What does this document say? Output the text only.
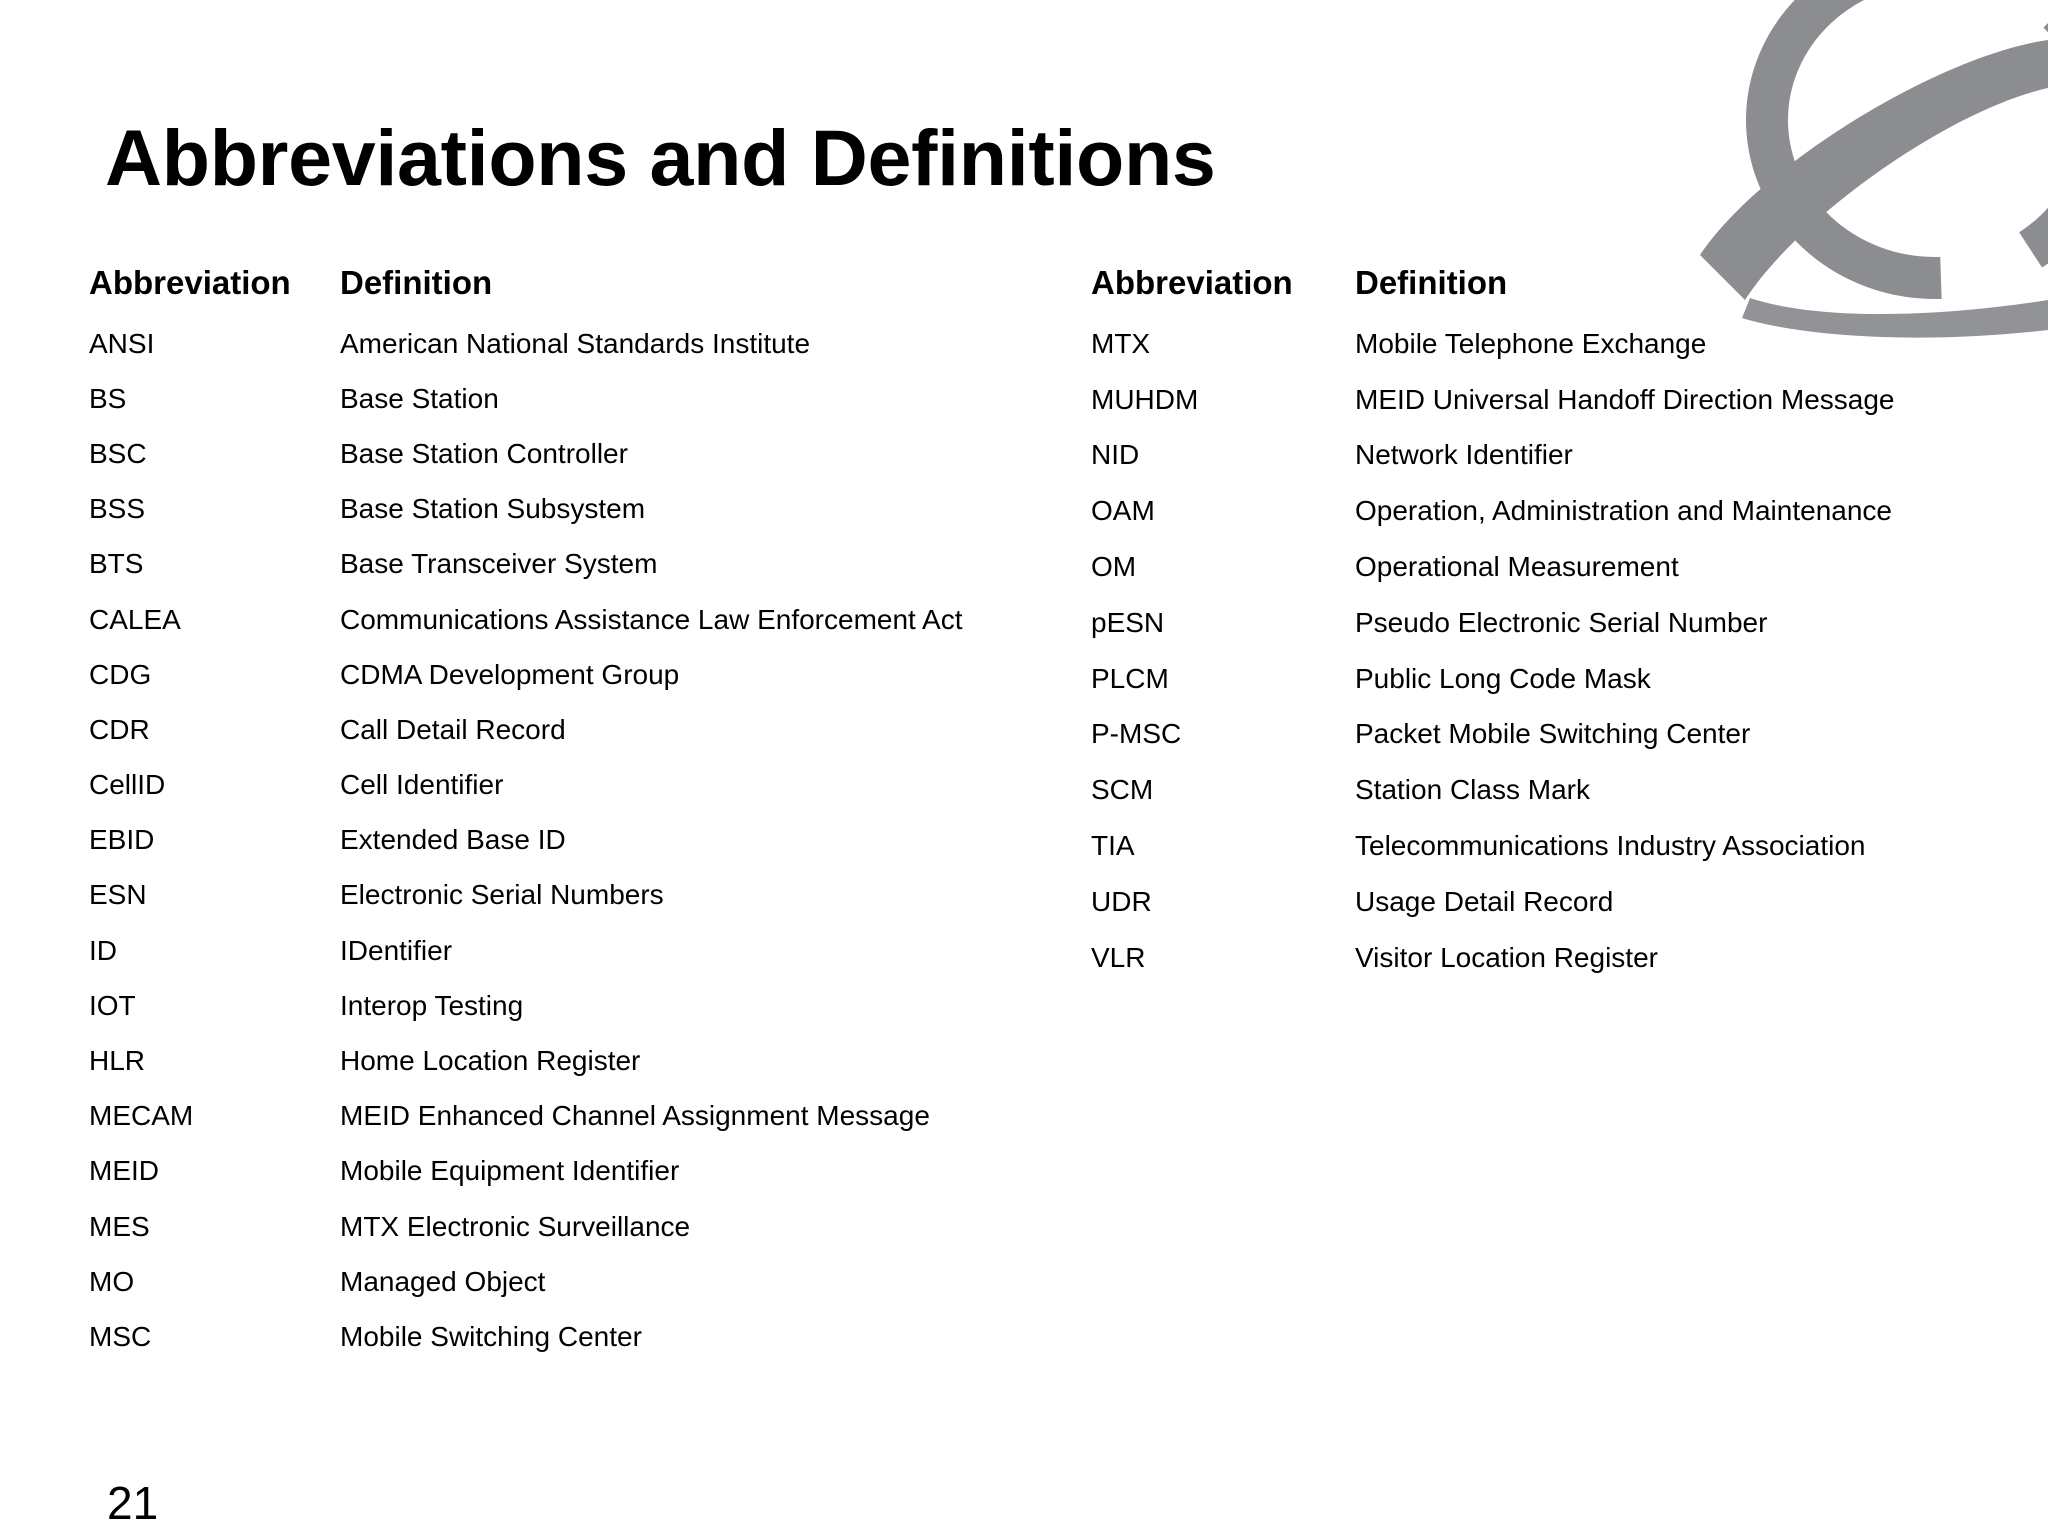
Abbreviations and Definitions
Abbreviation	Definition
ANSI	American National Standards Institute
BS	Base Station
BSC	Base Station Controller
BSS	Base Station Subsystem
BTS	Base Transceiver System
CALEA	Communications Assistance Law Enforcement Act
CDG	CDMA Development Group
CDR	Call Detail Record
CellID	Cell Identifier
EBID	Extended Base ID
ESN	Electronic Serial Numbers
ID	IDentifier
IOT	Interop Testing
HLR	Home Location Register
MECAM	MEID Enhanced Channel Assignment Message
MEID	Mobile Equipment Identifier
MES	MTX Electronic Surveillance
MO	Managed Object
MSC	Mobile Switching Center
Abbreviation	Definition
MTX	Mobile Telephone Exchange
MUHDM	MEID Universal Handoff Direction Message
NID	Network Identifier
OAM	Operation, Administration and Maintenance
OM	Operational Measurement
pESN	Pseudo Electronic Serial Number
PLCM	Public Long Code Mask
P-MSC	Packet Mobile Switching Center
SCM	Station Class Mark
TIA	Telecommunications Industry Association
UDR	Usage Detail Record
VLR	Visitor Location Register
21
